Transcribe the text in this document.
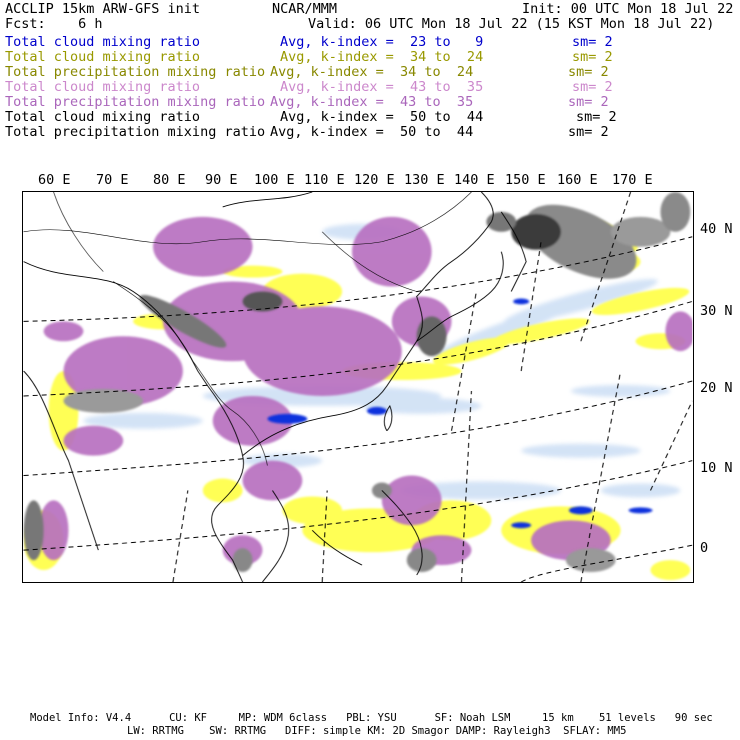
ACCLIP 15km ARW-GFS init	NCAR/MMM	Init: 00 UTC Mon 18 Jul 22
Fcst:    6 h	Valid: 06 UTC Mon 18 Jul 22 (15 KST Mon 18 Jul 22)
Total cloud mixing ratio	Avg, k-index =  23 to   9	sm= 2
Total cloud mixing ratio	Avg, k-index =  34 to  24	sm= 2
Total precipitation mixing ratio Avg, k-index =  34 to  24	sm= 2
Total cloud mixing ratio	Avg, k-index =  43 to  35	sm= 2
Total precipitation mixing ratio Avg, k-index =  43 to  35	sm= 2
Total cloud mixing ratio	Avg, k-index =  50 to  44	sm= 2
Total precipitation mixing ratio Avg, k-index =  50 to  44	sm= 2
60 E 70 E 80 E 90 E 100 E 110 E 120 E 130 E 140 E 150 E 160 E 170 E
40 N
30 N
20 N
10 N
0
Model Info: V4.4      CU: KF     MP: WDM 6class   PBL: YSU      SF: Noah LSM     15 km    51 levels   90 sec
LW: RRTMG    SW: RRTMG   DIFF: simple KM: 2D Smagor DAMP: Rayleigh3  SFLAY: MM5
